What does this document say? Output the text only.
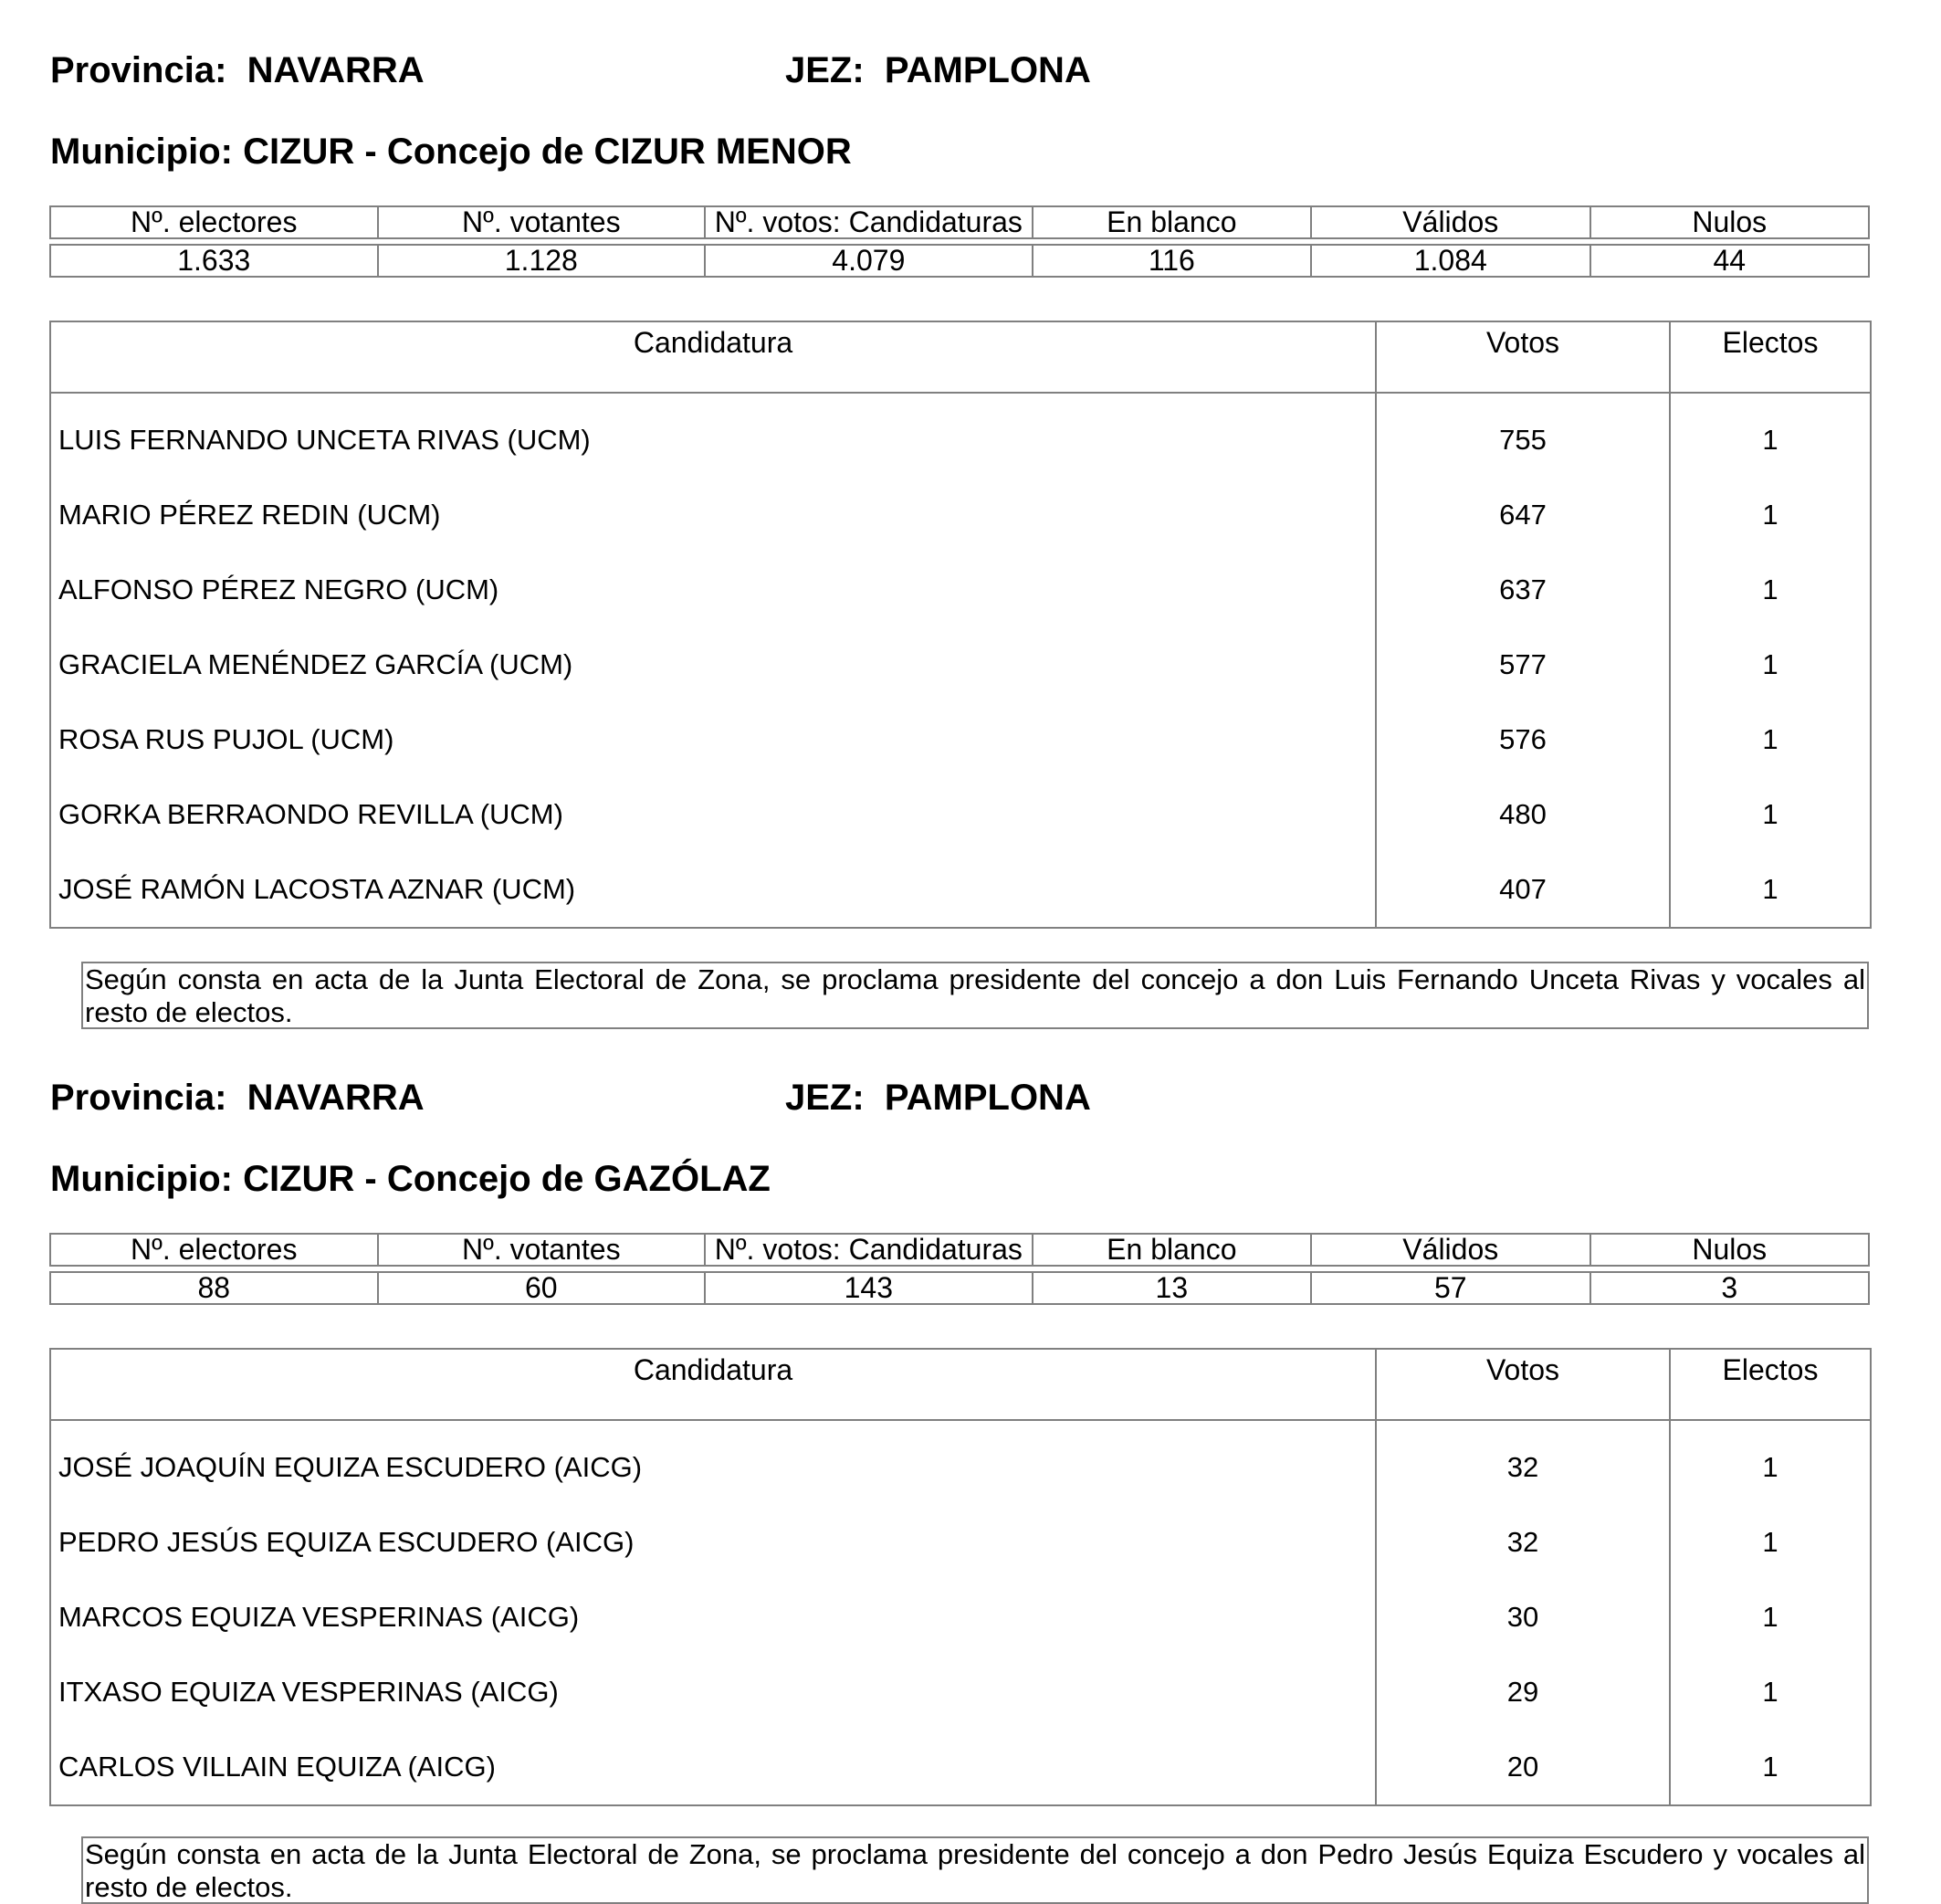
Provincia:  NAVARRA	JEZ:  PAMPLONA
Municipio: CIZUR - Concejo de CIZUR MENOR
Nº. electores	Nº. votantes	Nº. votos: Candidaturas	En blanco	Válidos	Nulos
1.633	1.128	4.079	116	1.084	44
Candidatura	Votos	Electos
LUIS FERNANDO UNCETA RIVAS (UCM)	755	1
MARIO PÉREZ REDIN (UCM)	647	1
ALFONSO PÉREZ NEGRO (UCM)	637	1
GRACIELA MENÉNDEZ GARCÍA (UCM)	577	1
ROSA RUS PUJOL (UCM)	576	1
GORKA BERRAONDO REVILLA (UCM)	480	1
JOSÉ RAMÓN LACOSTA AZNAR (UCM)	407	1
Según consta en acta de la Junta Electoral de Zona, se proclama presidente del concejo a don Luis Fernando Unceta Rivas y vocales al resto de electos.
Provincia:  NAVARRA	JEZ:  PAMPLONA
Municipio: CIZUR - Concejo de GAZÓLAZ
Nº. electores	Nº. votantes	Nº. votos: Candidaturas	En blanco	Válidos	Nulos
88	60	143	13	57	3
Candidatura	Votos	Electos
JOSÉ JOAQUÍN EQUIZA ESCUDERO (AICG)	32	1
PEDRO JESÚS EQUIZA ESCUDERO (AICG)	32	1
MARCOS EQUIZA VESPERINAS (AICG)	30	1
ITXASO EQUIZA VESPERINAS (AICG)	29	1
CARLOS VILLAIN EQUIZA (AICG)	20	1
Según consta en acta de la Junta Electoral de Zona, se proclama presidente del concejo a don Pedro Jesús Equiza Escudero y vocales al resto de electos.
